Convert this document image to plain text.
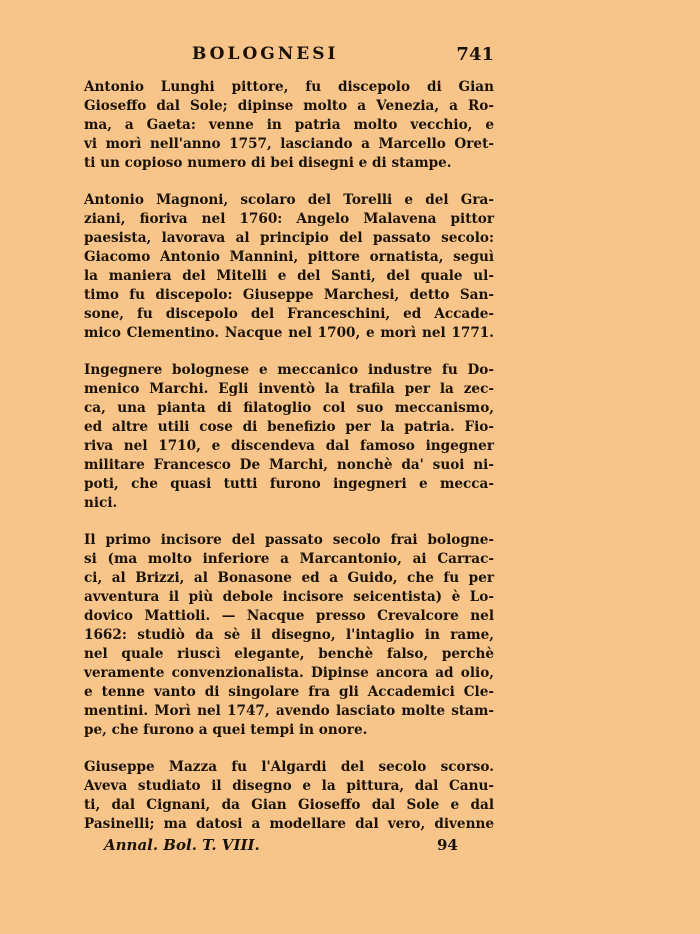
BOLOGNESI	741
Antonio Lunghi pittore, fu discepolo di Gian
Gioseffo dal Sole; dipinse molto a Venezia, a Ro-
ma, a Gaeta: venne in patria molto vecchio, e
vi morì nell'anno 1757, lasciando a Marcello Oret-
ti un copioso numero di bei disegni e di stampe.
Antonio Magnoni, scolaro del Torelli e del Gra-
ziani, fioriva nel 1760: Angelo Malavena pittor
paesista, lavorava al principio del passato secolo:
Giacomo Antonio Mannini, pittore ornatista, seguì
la maniera del Mitelli e del Santi, del quale ul-
timo fu discepolo: Giuseppe Marchesi, detto San-
sone, fu discepolo del Franceschini, ed Accade-
mico Clementino. Nacque nel 1700, e morì nel 1771.
Ingegnere bolognese e meccanico industre fu Do-
menico Marchi. Egli inventò la trafila per la zec-
ca, una pianta di filatoglio col suo meccanismo,
ed altre utili cose di benefizio per la patria. Fio-
riva nel 1710, e discendeva dal famoso ingegner
militare Francesco De Marchi, nonchè da' suoi ni-
poti, che quasi tutti furono ingegneri e mecca-
nici.
Il primo incisore del passato secolo frai bologne-
si (ma molto inferiore a Marcantonio, ai Carrac-
ci, al Brizzi, al Bonasone ed a Guido, che fu per
avventura il più debole incisore seicentista) è Lo-
dovico Mattioli. — Nacque presso Crevalcore nel
1662: studiò da sè il disegno, l'intaglio in rame,
nel quale riuscì elegante, benchè falso, perchè
veramente convenzionalista. Dipinse ancora ad olio,
e tenne vanto di singolare fra gli Accademici Cle-
mentini. Morì nel 1747, avendo lasciato molte stam-
pe, che furono a quei tempi in onore.
Giuseppe Mazza fu l'Algardi del secolo scorso.
Aveva studiato il disegno e la pittura, dal Canu-
ti, dal Cignani, da Gian Gioseffo dal Sole e dal
Pasinelli; ma datosi a modellare dal vero, divenne
Annal. Bol. T. VIII.	94
